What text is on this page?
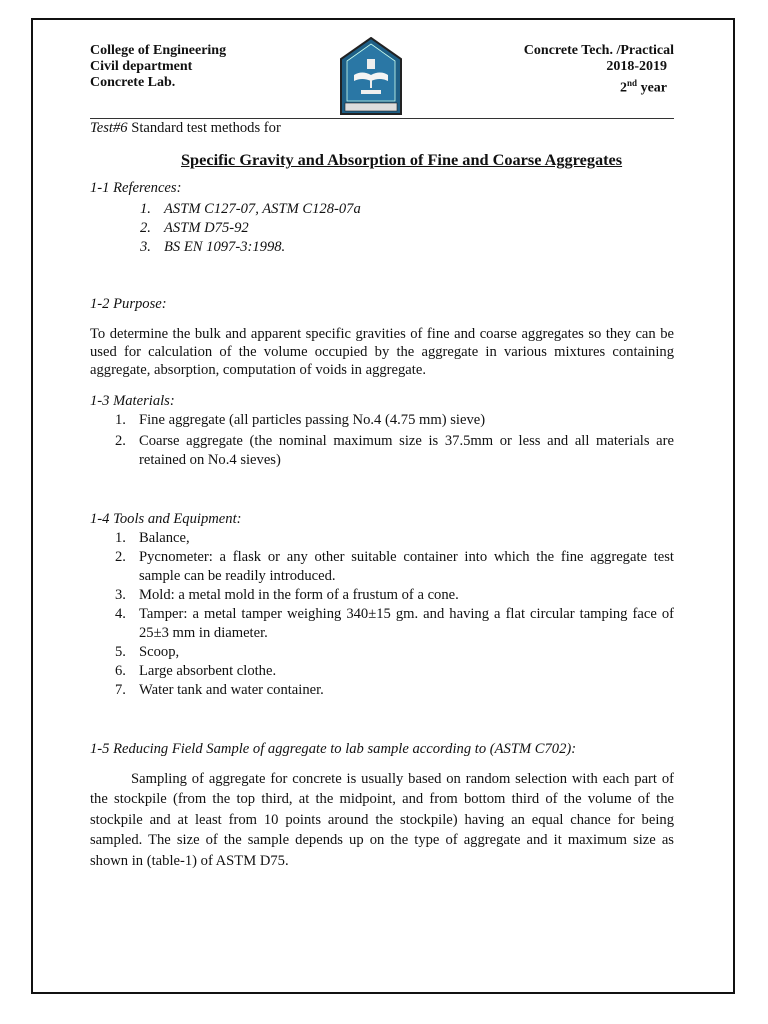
College of Engineering
Civil department
Concrete Lab.
Concrete Tech. /Practical
2018-2019
2nd year
Test#6 Standard test methods for
Specific Gravity and Absorption of Fine and Coarse Aggregates
1-1 References:
1. ASTM C127-07, ASTM C128-07a
2. ASTM D75-92
3. BS EN 1097-3:1998.
1-2 Purpose:
To determine the bulk and apparent specific gravities of fine and coarse aggregates so they can be used for calculation of the volume occupied by the aggregate in various mixtures containing aggregate, absorption, computation of voids in aggregate.
1-3 Materials:
1. Fine aggregate (all particles passing No.4 (4.75 mm) sieve)
2. Coarse aggregate (the nominal maximum size is 37.5mm or less and all materials are retained on No.4 sieves)
1-4 Tools and Equipment:
1. Balance,
2. Pycnometer: a flask or any other suitable container into which the fine aggregate test sample can be readily introduced.
3. Mold: a metal mold in the form of a frustum of a cone.
4. Tamper: a metal tamper weighing 340±15 gm. and having a flat circular tamping face of 25±3 mm in diameter.
5. Scoop,
6. Large absorbent clothe.
7. Water tank and water container.
1-5 Reducing Field Sample of aggregate to lab sample according to (ASTM C702):
Sampling of aggregate for concrete is usually based on random selection with each part of the stockpile (from the top third, at the midpoint, and from bottom third of the volume of the stockpile and at least from 10 points around the stockpile) having an equal chance for being sampled. The size of the sample depends up on the type of aggregate and it maximum size as shown in (table-1) of ASTM D75.
